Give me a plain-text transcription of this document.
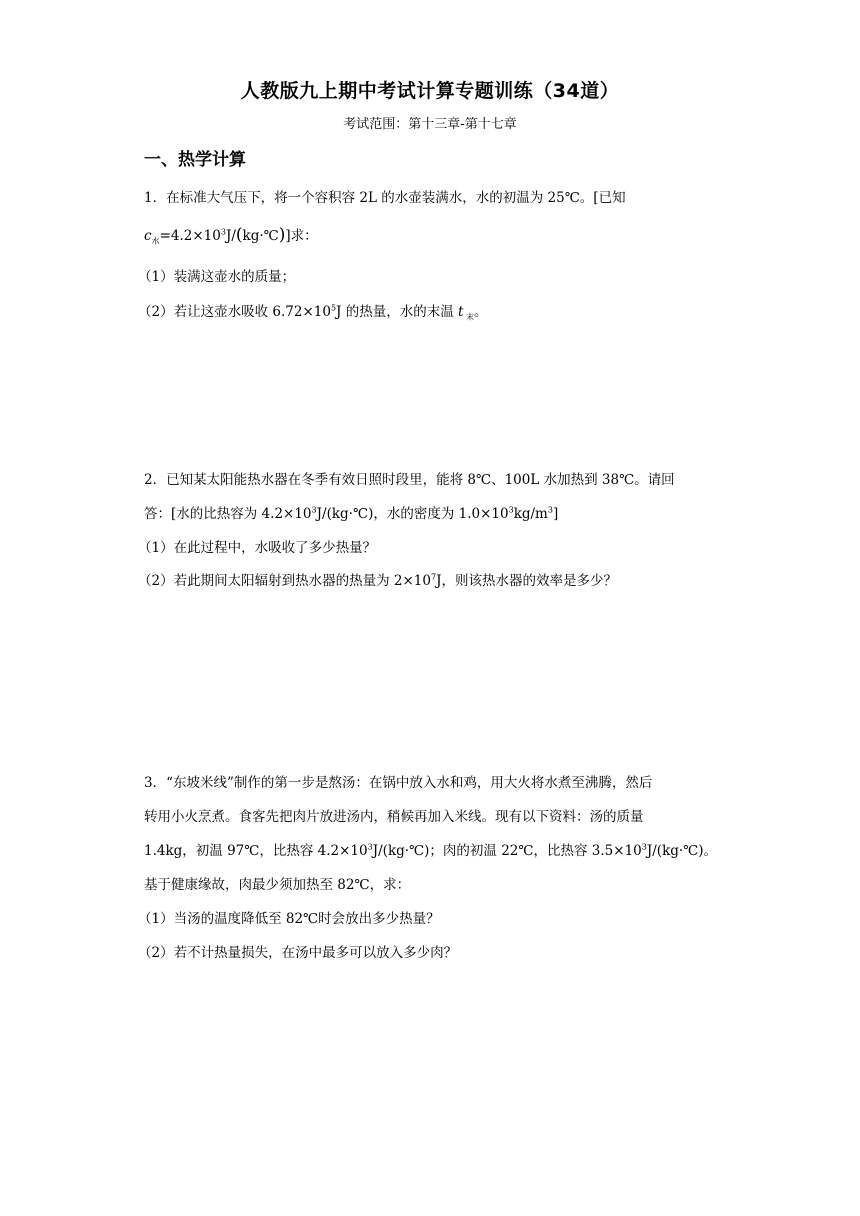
人教版九上期中考试计算专题训练（34道）
考试范围：第十三章-第十七章
一、热学计算
1．在标准大气压下，将一个容积容 2L 的水壶装满水，水的初温为 25℃。[已知
$c_水=4.2\times 10^3J/(kg\cdot℃)$]求：
（1）装满这壶水的质量；
（2）若让这壶水吸收 $6.72\times 10^5J$ 的热量，水的末温 t $_末$。
2．已知某太阳能热水器在冬季有效日照时段里，能将 8℃、100L 水加热到 38℃。请回
答：[水的比热容为 $4.2\times 10^3J/(kg\cdot℃)$，水的密度为 $1.0\times 10^3kg/m^3$]
（1）在此过程中，水吸收了多少热量？
（2）若此期间太阳辐射到热水器的热量为 $2\times 10^7J$，则该热水器的效率是多少？
3．“东坡米线”制作的第一步是熬汤：在锅中放入水和鸡，用大火将水煮至沸腾，然后
转用小火烹煮。食客先把肉片放进汤内，稍候再加入米线。现有以下资料：汤的质量
1.4kg，初温 97℃，比热容 $4.2\times 10^3J/(kg\cdot℃)$；肉的初温 22℃，比热容 $3.5\times 10^3J/(kg\cdot℃)$。
基于健康缘故，肉最少须加热至 82℃，求：
（1）当汤的温度降低至 82℃时会放出多少热量？
（2）若不计热量损失，在汤中最多可以放入多少肉？
